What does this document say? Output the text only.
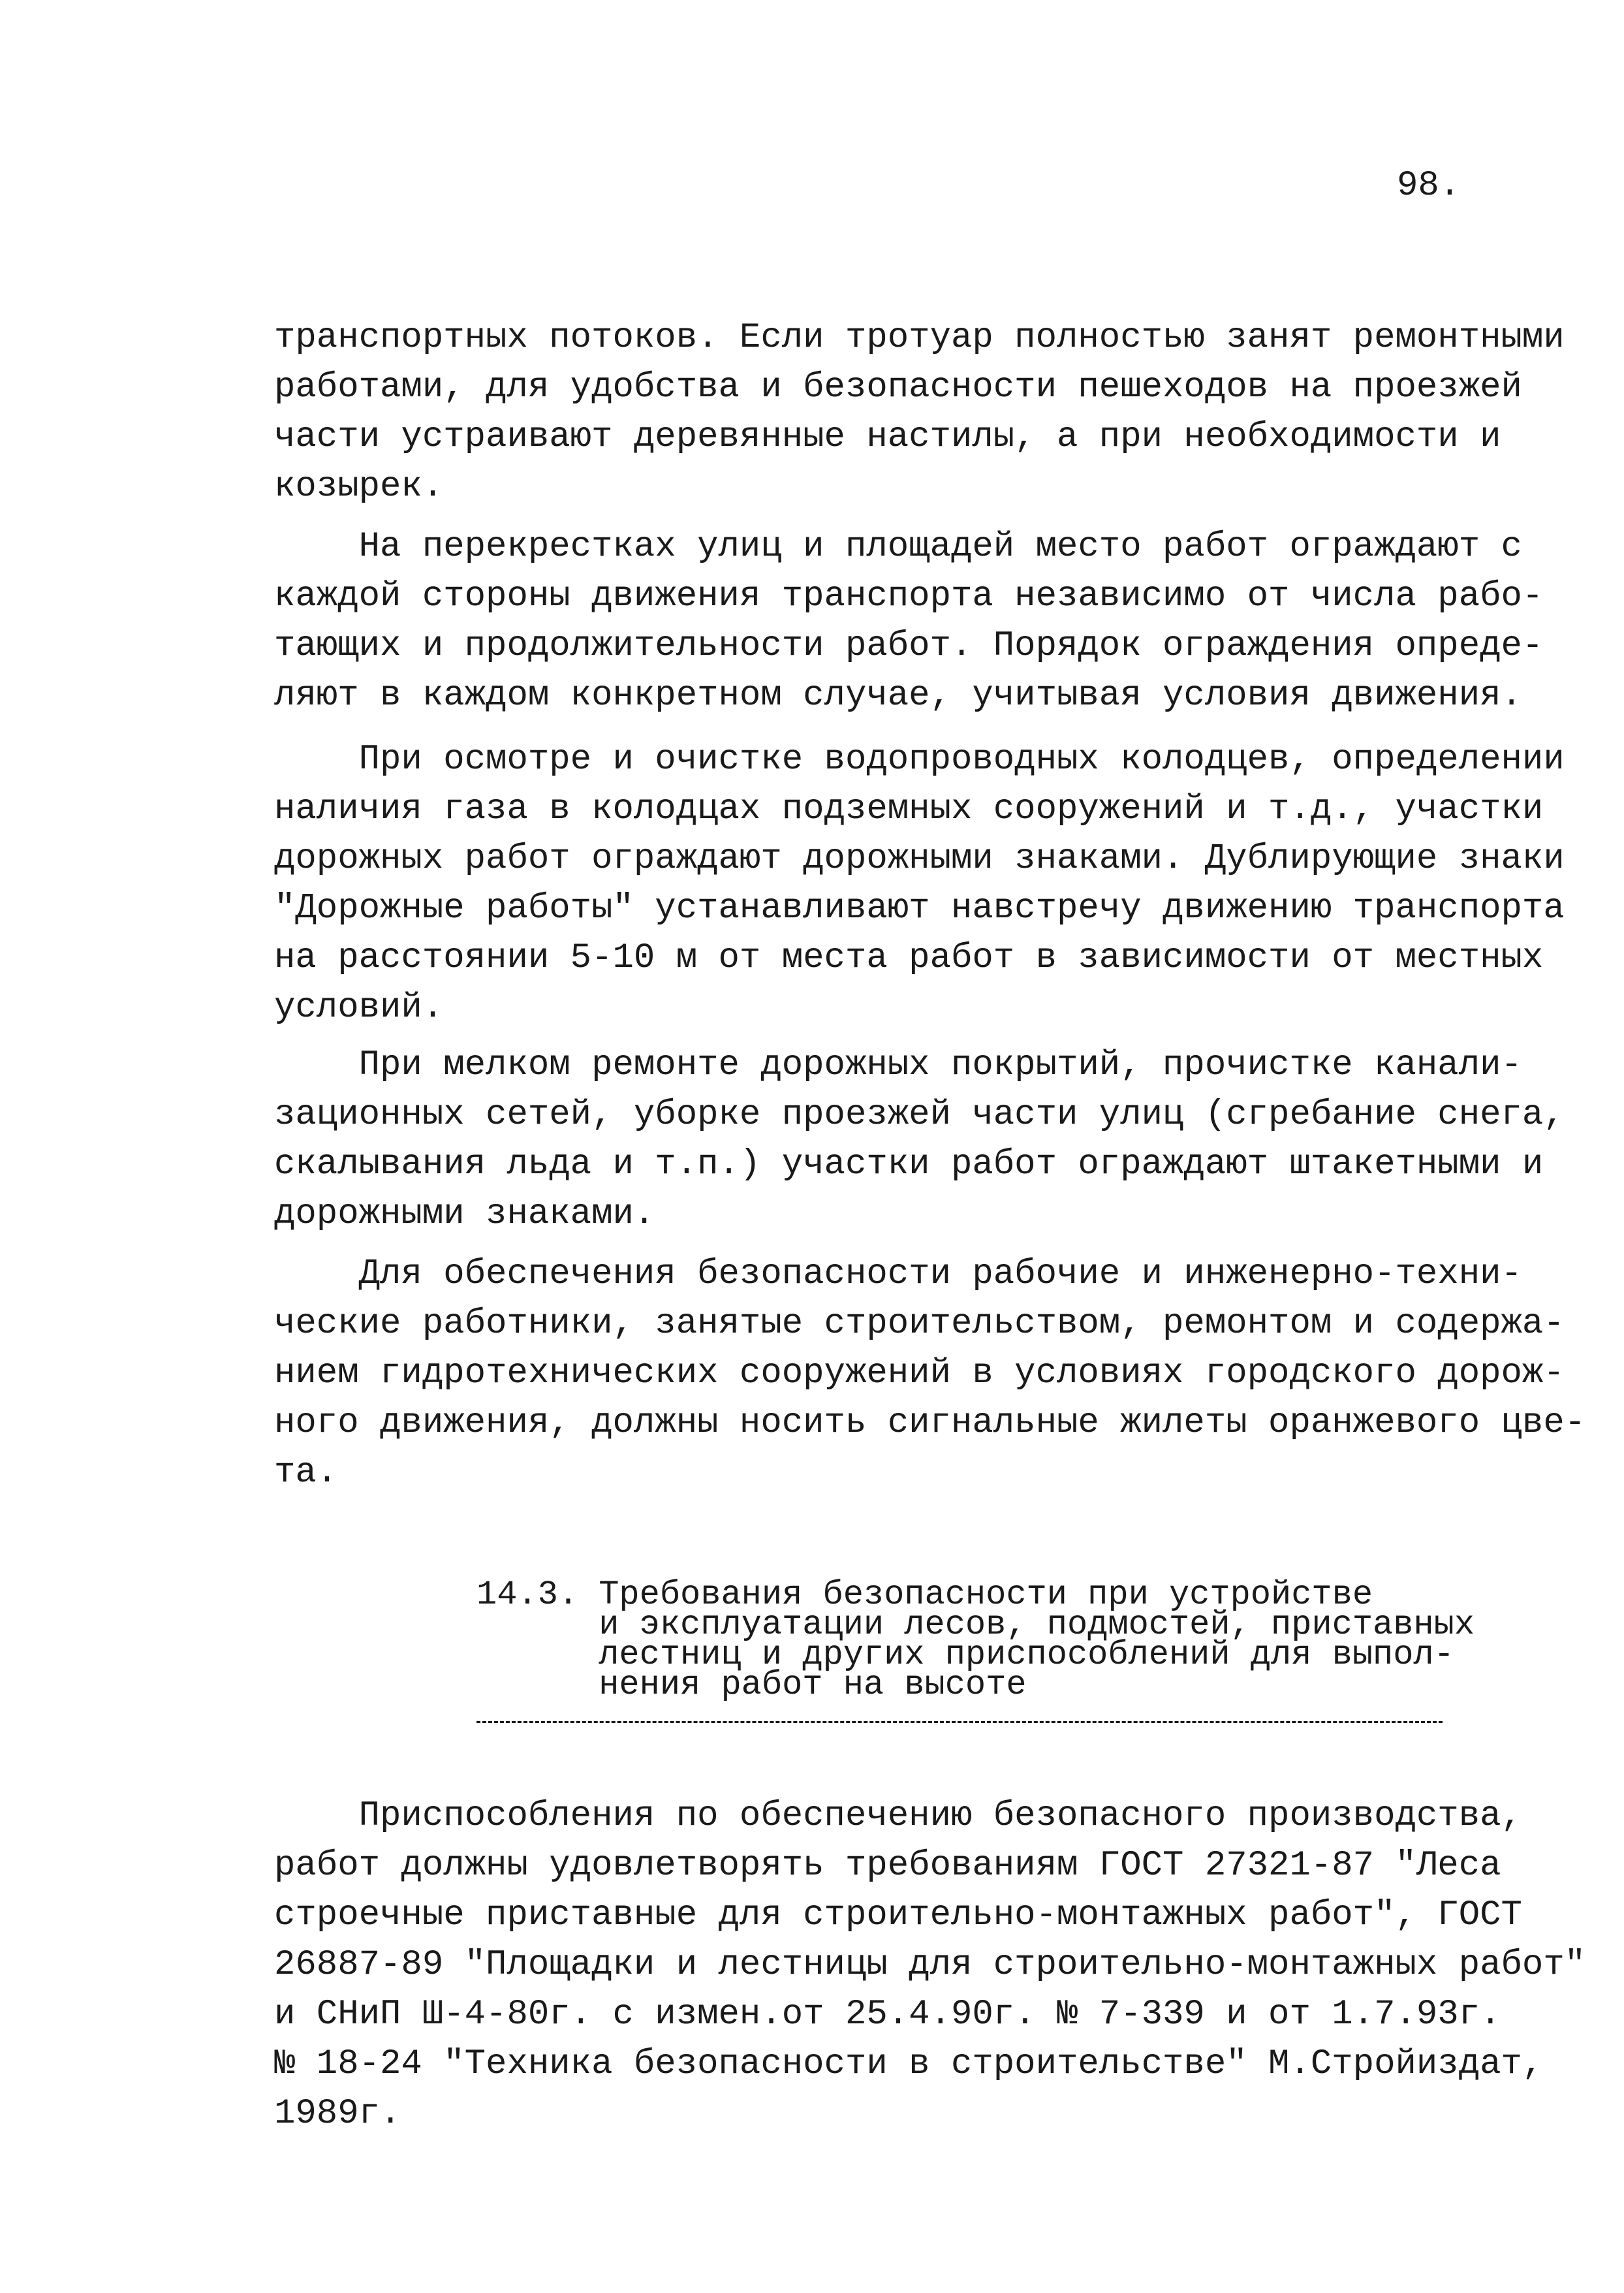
98.
транспортных потоков. Если тротуар полностью занят ремонтными
работами, для удобства и безопасности пешеходов на проезжей
части устраивают деревянные настилы, а при необходимости и
козырек.
На перекрестках улиц и площадей место работ ограждают с
каждой стороны движения транспорта независимо от числа рабо-
тающих и продолжительности работ. Порядок ограждения опреде-
ляют в каждом конкретном случае, учитывая условия движения.
При осмотре и очистке водопроводных колодцев, определении
наличия газа в колодцах подземных сооружений и т.д., участки
дорожных работ ограждают дорожными знаками. Дублирующие знаки
"Дорожные работы" устанавливают навстречу движению транспорта
на расстоянии 5-10 м от места работ в зависимости от местных
условий.
При мелком ремонте дорожных покрытий, прочистке канали-
зационных сетей, уборке проезжей части улиц (сгребание снега,
скалывания льда и т.п.) участки работ ограждают штакетными и
дорожными знаками.
Для обеспечения безопасности рабочие и инженерно-техни-
ческие работники, занятые строительством, ремонтом и содержа-
нием гидротехнических сооружений в условиях городского дорож-
ного движения, должны носить сигнальные жилеты оранжевого цве-
та.
14.3. Требования безопасности при устройстве
и эксплуатации лесов, подмостей, приставных
лестниц и других приспособлений для выпол-
нения работ на высоте
Приспособления по обеспечению безопасного производства,
работ должны удовлетворять требованиям ГОСТ 27321-87 "Леса
строечные приставные для строительно-монтажных работ", ГОСТ
26887-89 "Площадки и лестницы для строительно-монтажных работ"
и СНиП Ш-4-80г. с измен.от 25.4.90г. № 7-339 и от 1.7.93г.
№ 18-24 "Техника безопасности в строительстве" М.Стройиздат,
1989г.
